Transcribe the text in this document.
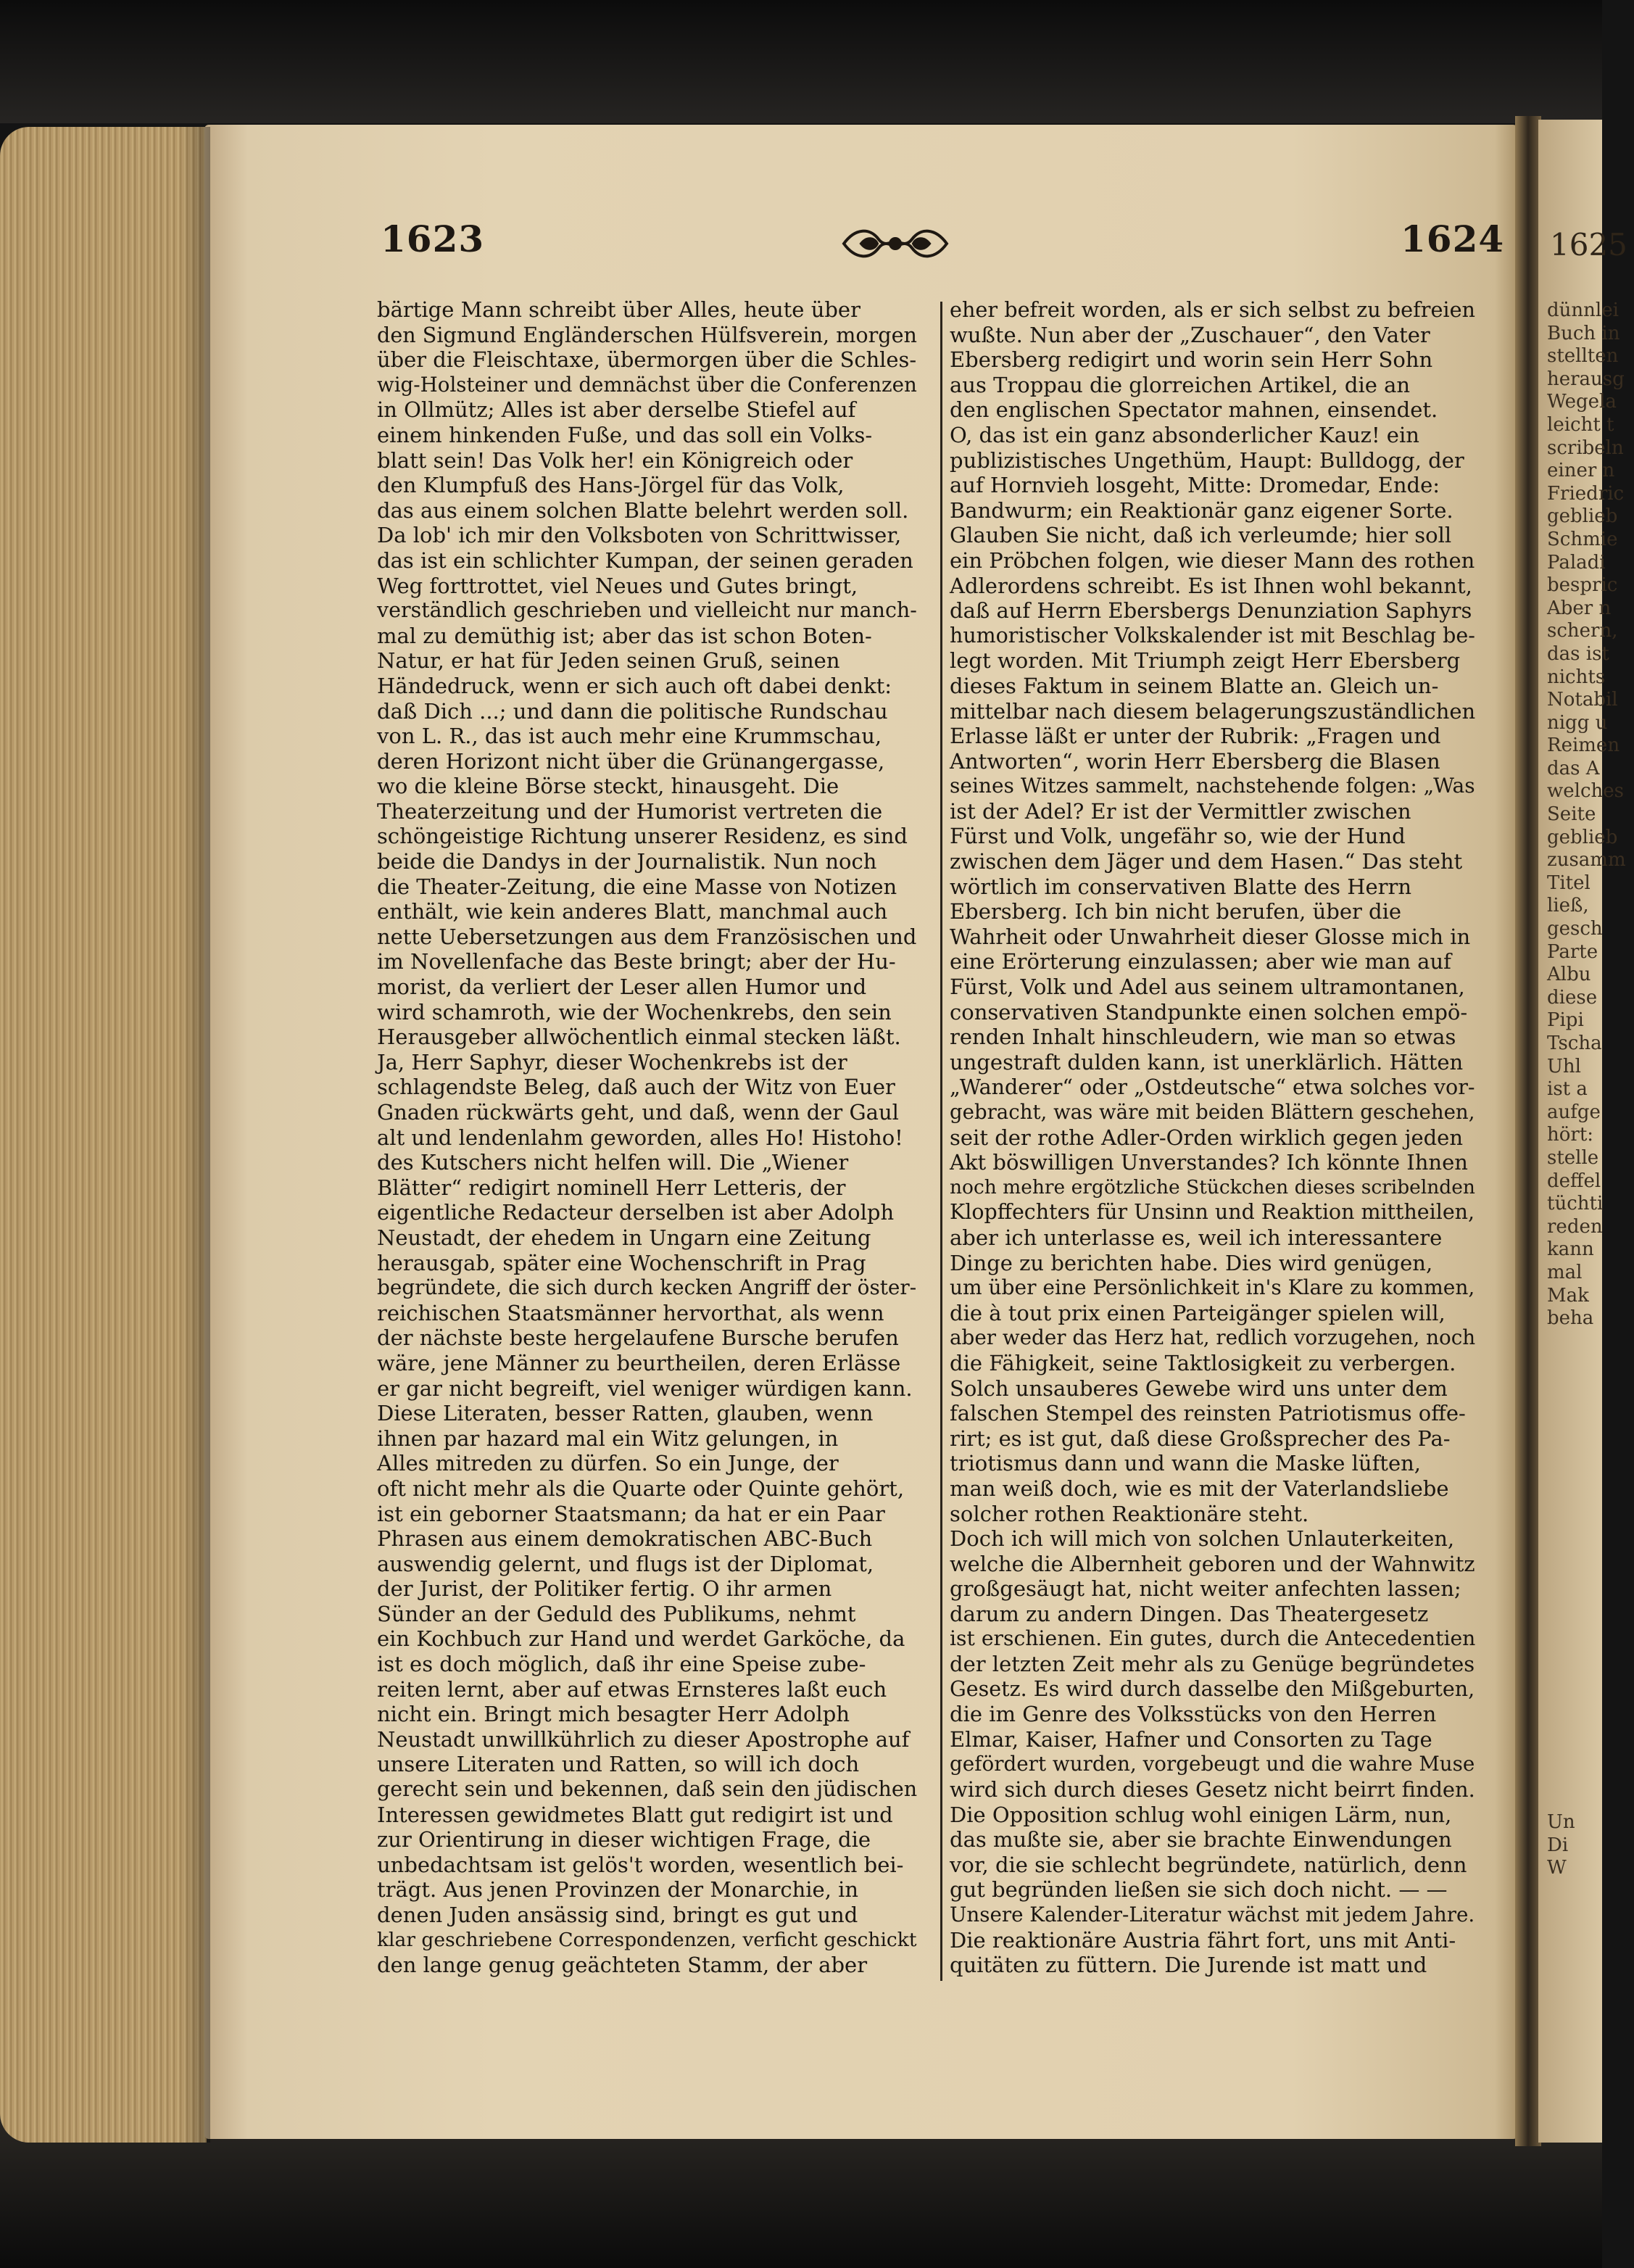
1625
dünnlei
Buch in
stellten
herausg
Wegela
leicht t
scribeln
einer n
Friedric
geblieb
Schmie
Paladi
bespric
Aber n
schern,
das ist
nichts
Notabil
nigg u
Reimen
das A
welches
Seite
geblieb
zusamm
Titel
ließ,
gesch
Parte
Albu
diese
Pipi
Tscha
Uhl
ist a
aufge
hört:
stelle
deffel
tüchti
reden
kann
mal
Mak
beha
Un
Di
W
1623	1624
bärtige Mann schreibt über Alles, heute über
den Sigmund Engländerschen Hülfsverein, morgen
über die Fleischtaxe, übermorgen über die Schles-
wig-Holsteiner und demnächst über die Conferenzen
in Ollmütz; Alles ist aber derselbe Stiefel auf
einem hinkenden Fuße, und das soll ein Volks-
blatt sein! Das Volk her! ein Königreich oder
den Klumpfuß des Hans-Jörgel für das Volk,
das aus einem solchen Blatte belehrt werden soll.
Da lob' ich mir den Volksboten von Schrittwisser,
das ist ein schlichter Kumpan, der seinen geraden
Weg forttrottet, viel Neues und Gutes bringt,
verständlich geschrieben und vielleicht nur manch-
mal zu demüthig ist; aber das ist schon Boten-
Natur, er hat für Jeden seinen Gruß, seinen
Händedruck, wenn er sich auch oft dabei denkt:
daß Dich ...; und dann die politische Rundschau
von L. R., das ist auch mehr eine Krummschau,
deren Horizont nicht über die Grünangergasse,
wo die kleine Börse steckt, hinausgeht. Die
Theaterzeitung und der Humorist vertreten die
schöngeistige Richtung unserer Residenz, es sind
beide die Dandys in der Journalistik. Nun noch
die Theater-Zeitung, die eine Masse von Notizen
enthält, wie kein anderes Blatt, manchmal auch
nette Uebersetzungen aus dem Französischen und
im Novellenfache das Beste bringt; aber der Hu-
morist, da verliert der Leser allen Humor und
wird schamroth, wie der Wochenkrebs, den sein
Herausgeber allwöchentlich einmal stecken läßt.
Ja, Herr Saphyr, dieser Wochenkrebs ist der
schlagendste Beleg, daß auch der Witz von Euer
Gnaden rückwärts geht, und daß, wenn der Gaul
alt und lendenlahm geworden, alles Ho! Histoho!
des Kutschers nicht helfen will. Die „Wiener
Blätter“ redigirt nominell Herr Letteris, der
eigentliche Redacteur derselben ist aber Adolph
Neustadt, der ehedem in Ungarn eine Zeitung
herausgab, später eine Wochenschrift in Prag
begründete, die sich durch kecken Angriff der öster-
reichischen Staatsmänner hervorthat, als wenn
der nächste beste hergelaufene Bursche berufen
wäre, jene Männer zu beurtheilen, deren Erlässe
er gar nicht begreift, viel weniger würdigen kann.
Diese Literaten, besser Ratten, glauben, wenn
ihnen par hazard mal ein Witz gelungen, in
Alles mitreden zu dürfen. So ein Junge, der
oft nicht mehr als die Quarte oder Quinte gehört,
ist ein geborner Staatsmann; da hat er ein Paar
Phrasen aus einem demokratischen ABC-Buch
auswendig gelernt, und flugs ist der Diplomat,
der Jurist, der Politiker fertig. O ihr armen
Sünder an der Geduld des Publikums, nehmt
ein Kochbuch zur Hand und werdet Garköche, da
ist es doch möglich, daß ihr eine Speise zube-
reiten lernt, aber auf etwas Ernsteres laßt euch
nicht ein. Bringt mich besagter Herr Adolph
Neustadt unwillkührlich zu dieser Apostrophe auf
unsere Literaten und Ratten, so will ich doch
gerecht sein und bekennen, daß sein den jüdischen
Interessen gewidmetes Blatt gut redigirt ist und
zur Orientirung in dieser wichtigen Frage, die
unbedachtsam ist gelös't worden, wesentlich bei-
trägt. Aus jenen Provinzen der Monarchie, in
denen Juden ansässig sind, bringt es gut und
klar geschriebene Correspondenzen, verficht geschickt
den lange genug geächteten Stamm, der aber
eher befreit worden, als er sich selbst zu befreien
wußte. Nun aber der „Zuschauer“, den Vater
Ebersberg redigirt und worin sein Herr Sohn
aus Troppau die glorreichen Artikel, die an
den englischen Spectator mahnen, einsendet.
O, das ist ein ganz absonderlicher Kauz! ein
publizistisches Ungethüm, Haupt: Bulldogg, der
auf Hornvieh losgeht, Mitte: Dromedar, Ende:
Bandwurm; ein Reaktionär ganz eigener Sorte.
Glauben Sie nicht, daß ich verleumde; hier soll
ein Pröbchen folgen, wie dieser Mann des rothen
Adlerordens schreibt. Es ist Ihnen wohl bekannt,
daß auf Herrn Ebersbergs Denunziation Saphyrs
humoristischer Volkskalender ist mit Beschlag be-
legt worden. Mit Triumph zeigt Herr Ebersberg
dieses Faktum in seinem Blatte an. Gleich un-
mittelbar nach diesem belagerungszuständlichen
Erlasse läßt er unter der Rubrik: „Fragen und
Antworten“, worin Herr Ebersberg die Blasen
seines Witzes sammelt, nachstehende folgen: „Was
ist der Adel? Er ist der Vermittler zwischen
Fürst und Volk, ungefähr so, wie der Hund
zwischen dem Jäger und dem Hasen.“ Das steht
wörtlich im conservativen Blatte des Herrn
Ebersberg. Ich bin nicht berufen, über die
Wahrheit oder Unwahrheit dieser Glosse mich in
eine Erörterung einzulassen; aber wie man auf
Fürst, Volk und Adel aus seinem ultramontanen,
conservativen Standpunkte einen solchen empö-
renden Inhalt hinschleudern, wie man so etwas
ungestraft dulden kann, ist unerklärlich. Hätten
„Wanderer“ oder „Ostdeutsche“ etwa solches vor-
gebracht, was wäre mit beiden Blättern geschehen,
seit der rothe Adler-Orden wirklich gegen jeden
Akt böswilligen Unverstandes? Ich könnte Ihnen
noch mehre ergötzliche Stückchen dieses scribelnden
Klopffechters für Unsinn und Reaktion mittheilen,
aber ich unterlasse es, weil ich interessantere
Dinge zu berichten habe. Dies wird genügen,
um über eine Persönlichkeit in's Klare zu kommen,
die à tout prix einen Parteigänger spielen will,
aber weder das Herz hat, redlich vorzugehen, noch
die Fähigkeit, seine Taktlosigkeit zu verbergen.
Solch unsauberes Gewebe wird uns unter dem
falschen Stempel des reinsten Patriotismus offe-
rirt; es ist gut, daß diese Großsprecher des Pa-
triotismus dann und wann die Maske lüften,
man weiß doch, wie es mit der Vaterlandsliebe
solcher rothen Reaktionäre steht.
Doch ich will mich von solchen Unlauterkeiten,
welche die Albernheit geboren und der Wahnwitz
großgesäugt hat, nicht weiter anfechten lassen;
darum zu andern Dingen. Das Theatergesetz
ist erschienen. Ein gutes, durch die Antecedentien
der letzten Zeit mehr als zu Genüge begründetes
Gesetz. Es wird durch dasselbe den Mißgeburten,
die im Genre des Volksstücks von den Herren
Elmar, Kaiser, Hafner und Consorten zu Tage
gefördert wurden, vorgebeugt und die wahre Muse
wird sich durch dieses Gesetz nicht beirrt finden.
Die Opposition schlug wohl einigen Lärm, nun,
das mußte sie, aber sie brachte Einwendungen
vor, die sie schlecht begründete, natürlich, denn
gut begründen ließen sie sich doch nicht. — —
Unsere Kalender-Literatur wächst mit jedem Jahre.
Die reaktionäre Austria fährt fort, uns mit Anti-
quitäten zu füttern. Die Jurende ist matt und
